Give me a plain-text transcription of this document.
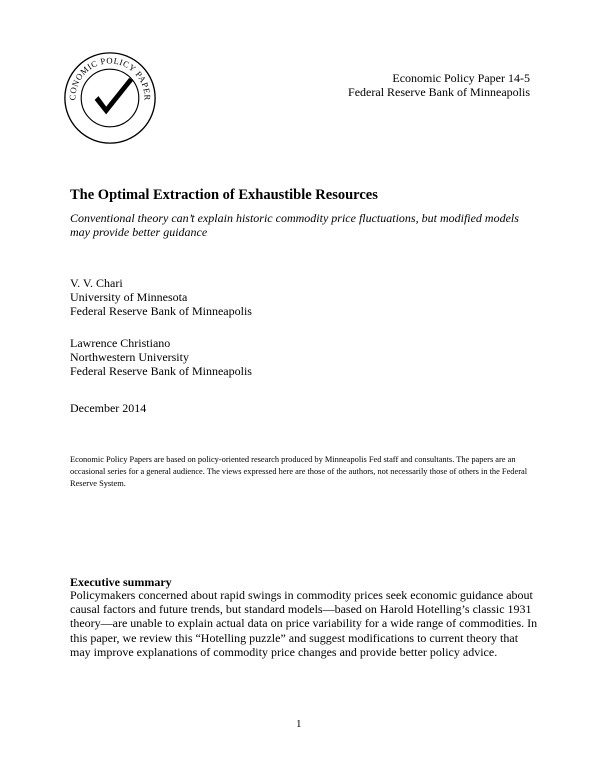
CONOMIC POLICY PAPER
Economic Policy Paper 14-5
Federal Reserve Bank of Minneapolis
The Optimal Extraction of Exhaustible Resources

Conventional theory can’t explain historic commodity price fluctuations, but modified models may provide better guidance

V. V. Chari
University of Minnesota
Federal Reserve Bank of Minneapolis
Lawrence Christiano
Northwestern University
Federal Reserve Bank of Minneapolis
December 2014

Economic Policy Papers are based on policy-oriented research produced by Minneapolis Fed staff and consultants. The papers are an occasional series for a general audience. The views expressed here are those of the authors, not necessarily those of others in the Federal Reserve System.

Executive summary

Policymakers concerned about rapid swings in commodity prices seek economic guidance about causal factors and future trends, but standard models—based on Harold Hotelling’s classic 1931 theory—are unable to explain actual data on price variability for a wide range of commodities. In this paper, we review this “Hotelling puzzle” and suggest modifications to current theory that may improve explanations of commodity price changes and provide better policy advice.

1
